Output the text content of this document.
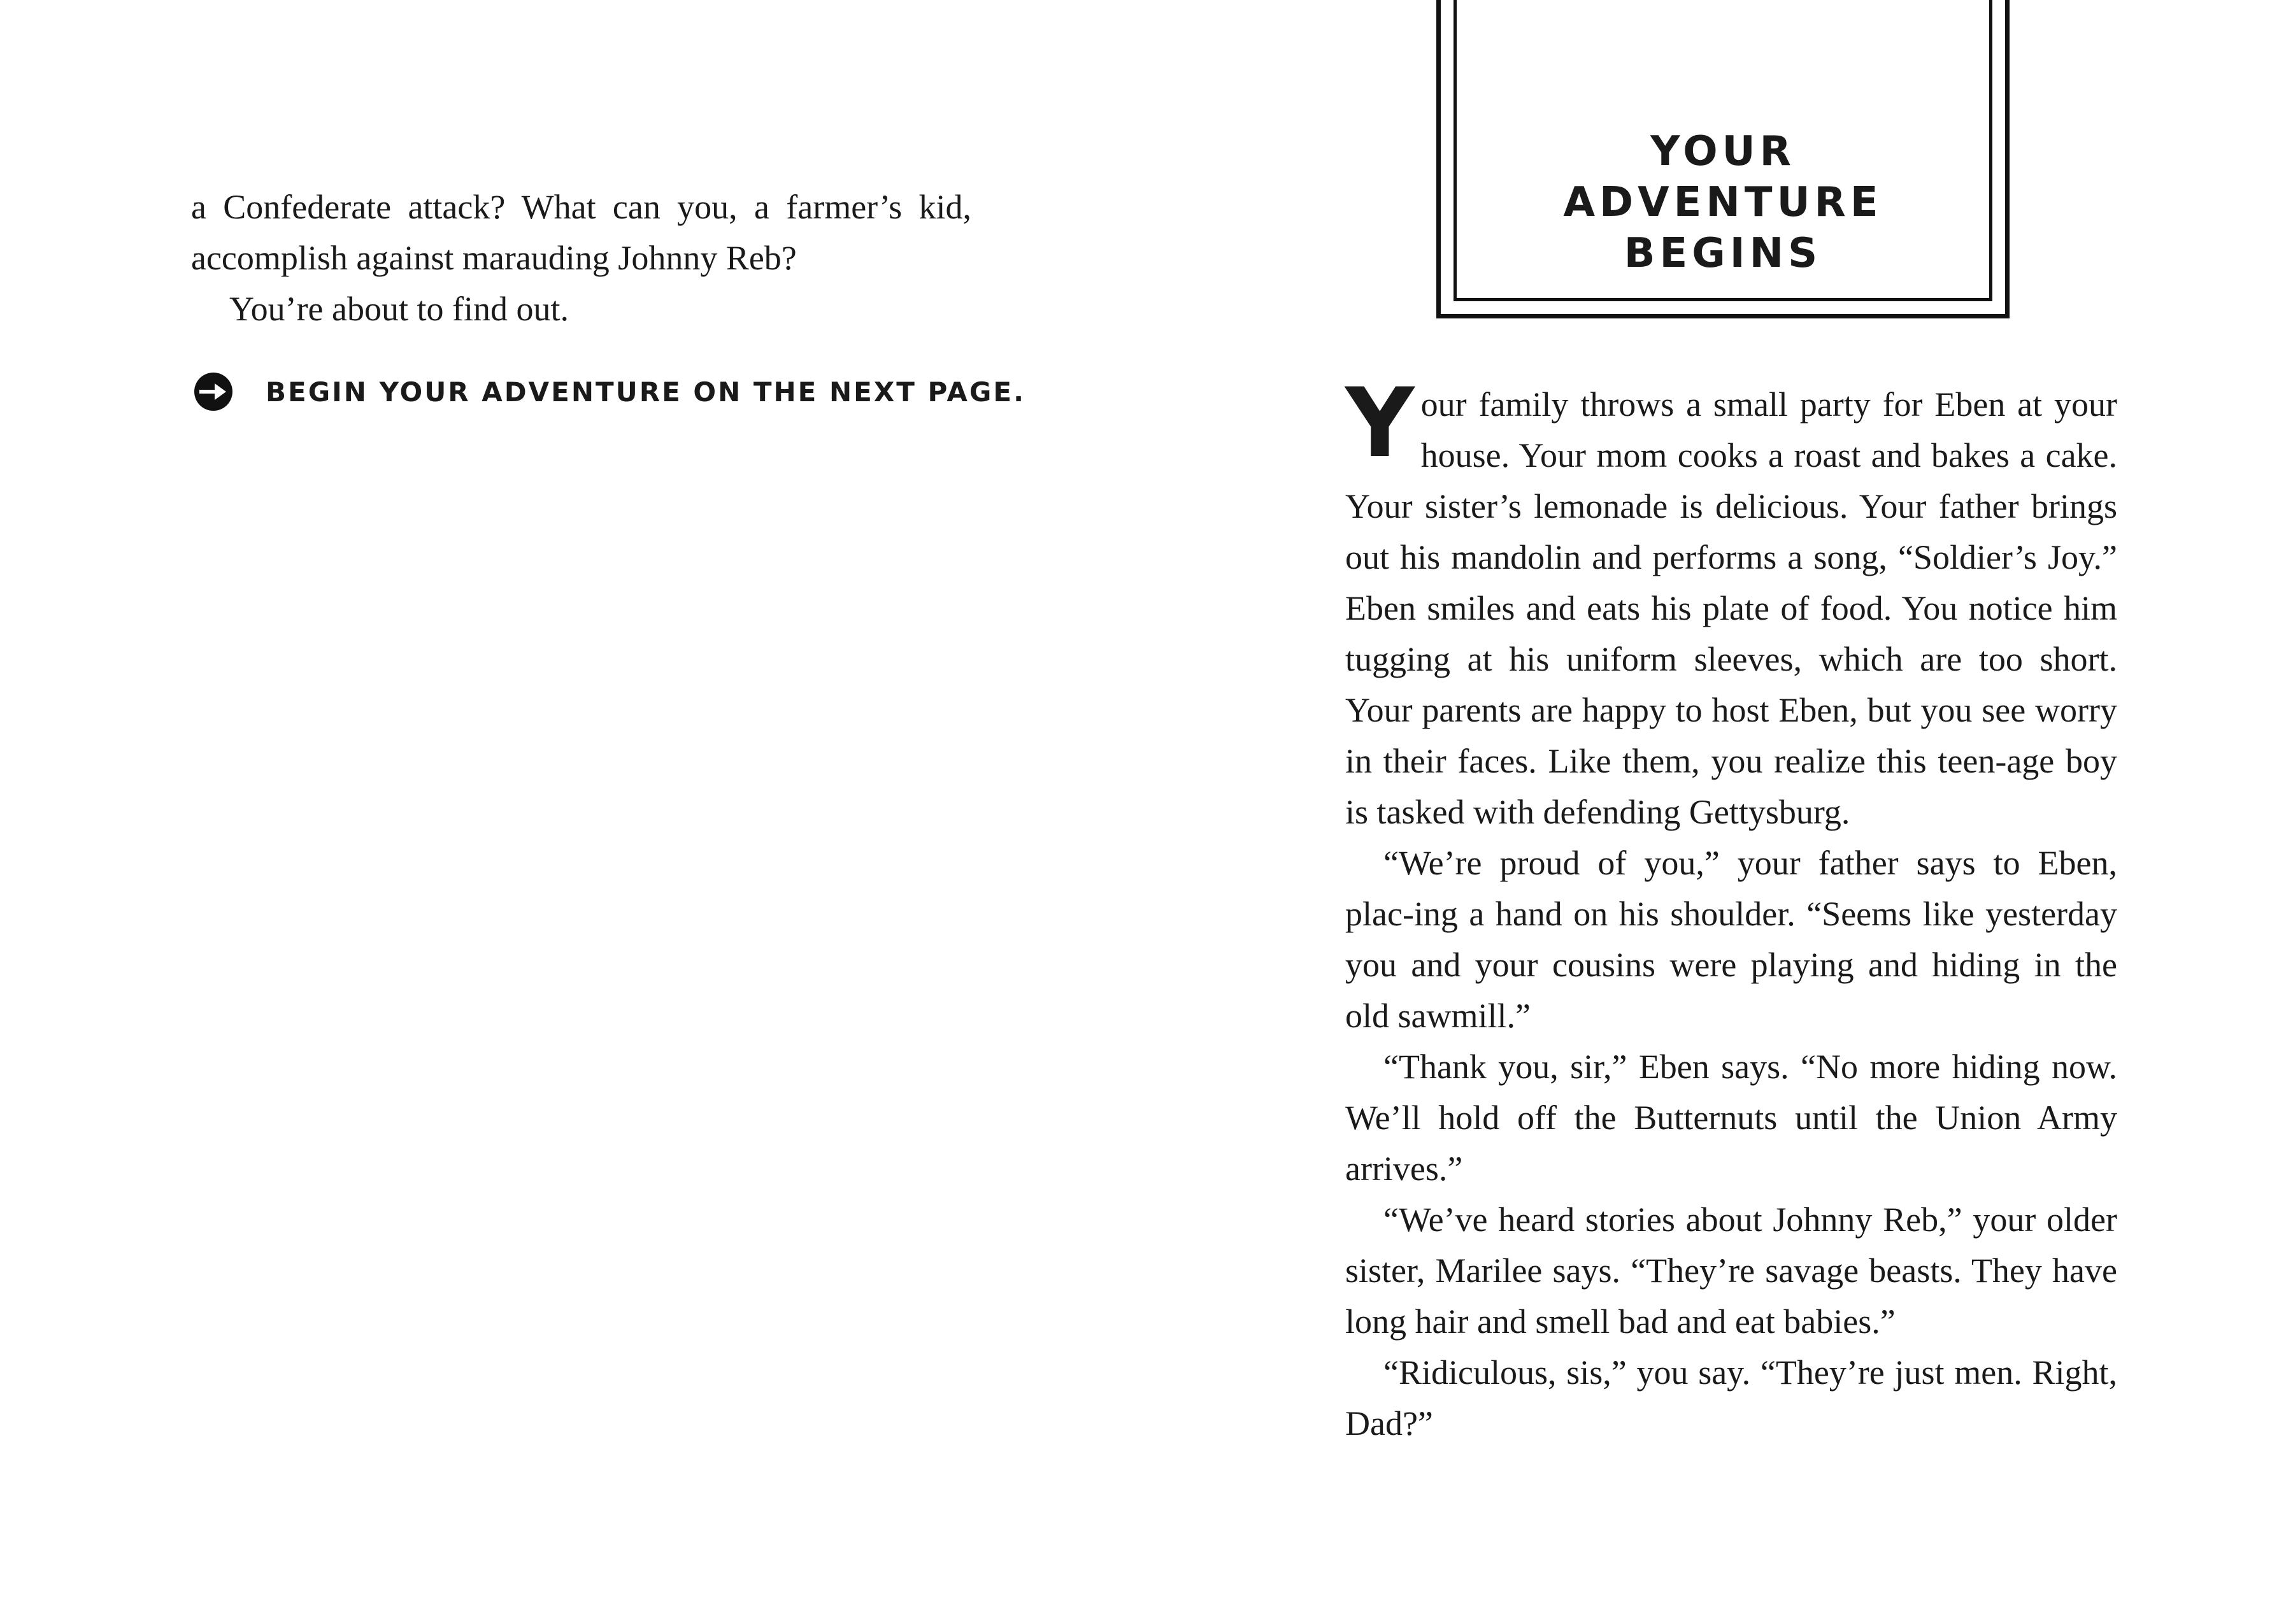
a Confederate attack? What can you, a farmer’s kid, accomplish against marauding Johnny Reb?

You’re about to find out.

BEGIN YOUR ADVENTURE ON THE NEXT PAGE.
YOUR ADVENTURE
BEGINS

Your family throws a small party for Eben at your house. Your mom cooks a roast and bakes a cake. Your sister’s lemonade is delicious. Your father brings out his mandolin and performs a song, “Soldier’s Joy.” Eben smiles and eats his plate of food. You notice him tugging at his uniform sleeves, which are too short. Your parents are happy to host Eben, but you see worry in their faces. Like them, you realize this teen-age boy is tasked with defending Gettysburg.

“We’re proud of you,” your father says to Eben, plac-ing a hand on his shoulder. “Seems like yesterday you and your cousins were playing and hiding in the old sawmill.”

“Thank you, sir,” Eben says. “No more hiding now. We’ll hold off the Butternuts until the Union Army arrives.”

“We’ve heard stories about Johnny Reb,” your older sister, Marilee says. “They’re savage beasts. They have long hair and smell bad and eat babies.”

“Ridiculous, sis,” you say. “They’re just men. Right, Dad?”
